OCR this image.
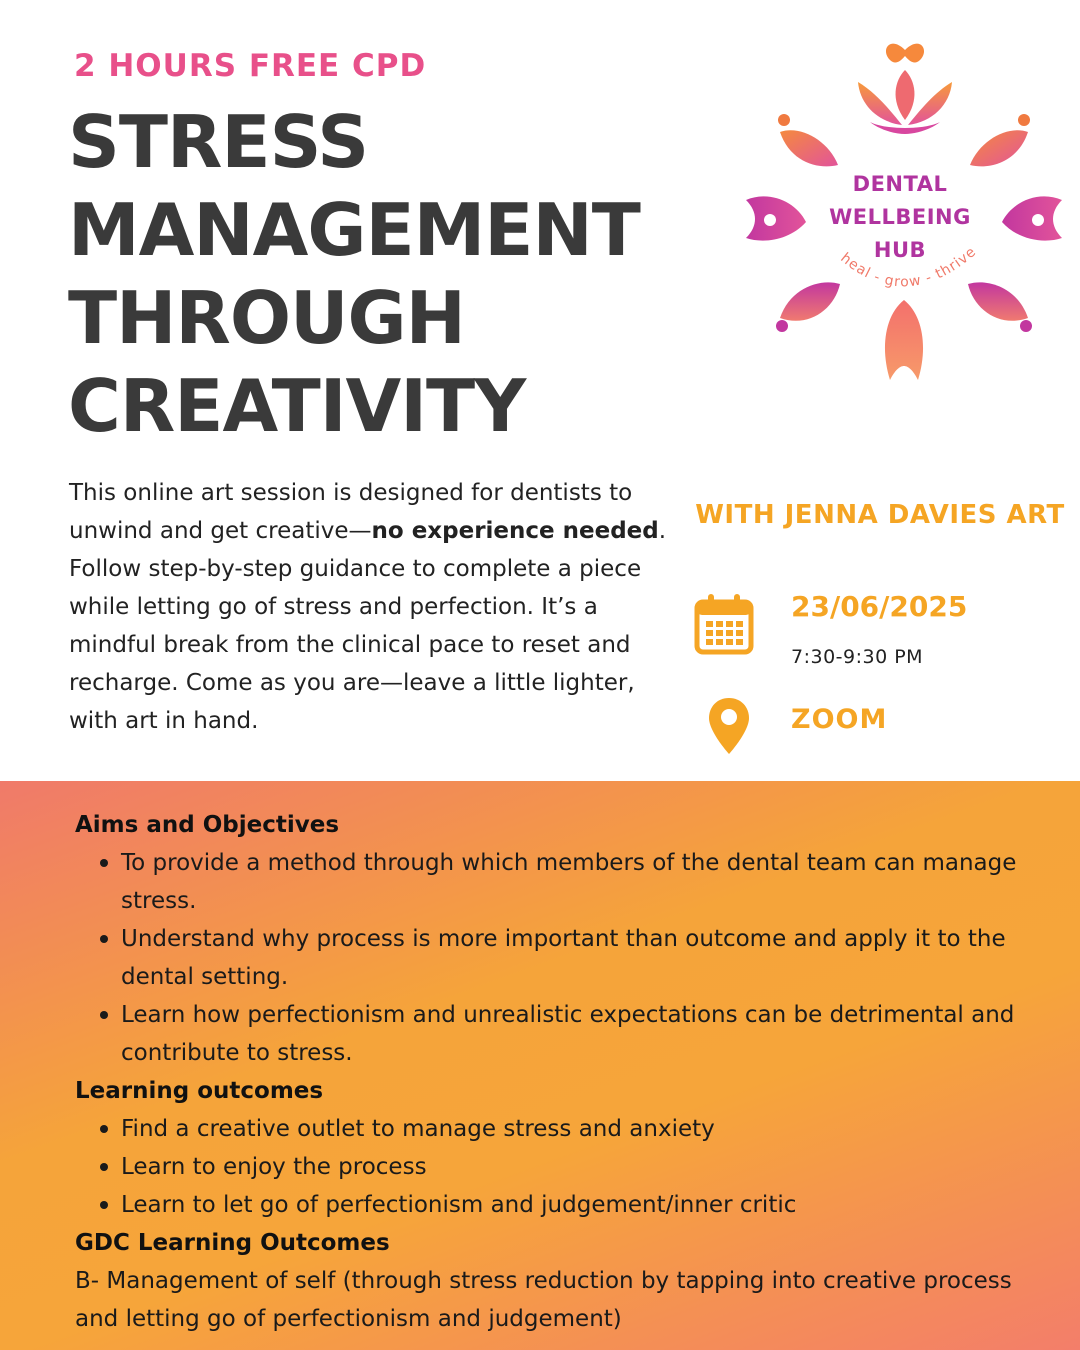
2 HOURS FREE CPD
STRESS
MANAGEMENT
THROUGH
CREATIVITY
heal - grow - thrive
DENTAL
WELLBEING
HUB
This online art session is designed for dentists to unwind and get creative—no experience needed. Follow step-by-step guidance to complete a piece while letting go of stress and perfection. It’s a mindful break from the clinical pace to reset and recharge. Come as you are—leave a little lighter, with art in hand.
WITH JENNA DAVIES ART
23/06/2025
7:30-9:30 PM
ZOOM
Aims and Objectives
To provide a method through which members of the dental team can manage stress.
Understand why process is more important than outcome and apply it to the dental setting.
Learn how perfectionism and unrealistic expectations can be detrimental and contribute to stress.
Learning outcomes
Find a creative outlet to manage stress and anxiety
Learn to enjoy the process
Learn to let go of perfectionism and judgement/inner critic
GDC Learning Outcomes

B- Management of self (through stress reduction by tapping into creative process and letting go of perfectionism and judgement)
